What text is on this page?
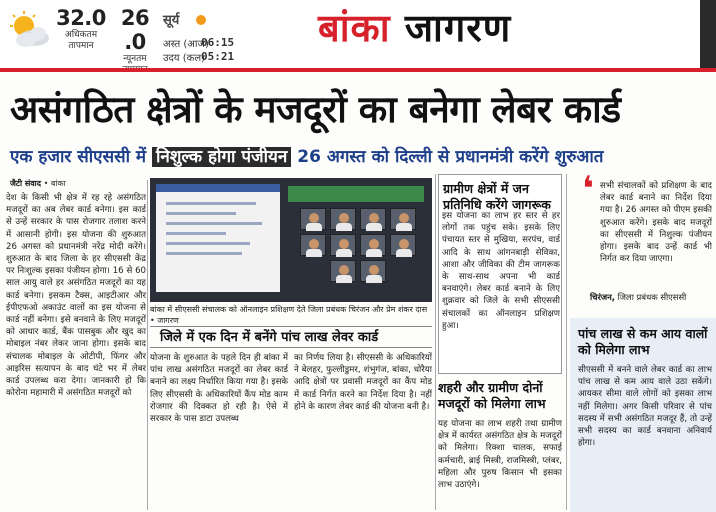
32.0
अधिकतम
तापमान
26 .0
न्यूनतम

सूर्य
अस्त (आज)
06:15
उदय (कल)
05:21
बांका जागरण
असंगठित क्षेत्रों के मजदूरों का बनेगा लेबर कार्ड
एक हजार सीएससी में निशुल्क होगा पंजीयन 26 अगस्त को दिल्ली से प्रधानमंत्री करेंगे शुरुआत
जैटी संवाद • बांका
देश के किसी भी क्षेत्र में रह रहे असंगठित मजदूरों का अब लेबर कार्ड बनेगा। इस कार्ड से उन्हें सरकार के पास रोजगार तलाश करने में आसानी होगी। इस योजना की शुरुआत 26 अगस्त को प्रधानमंत्री नरेंद्र मोदी करेंगे। शुरुआत के बाद जिला के हर सीएससी केंद्र पर निःशुल्क इसका पंजीयन होगा। 16 से 60 साल आयु वाले हर असंगठित मजदूरों का यह कार्ड बनेगा। इसकम टैक्स, आइटीआर और ईपीएफओ अकाउंट वालों का इस योजना से कार्ड नहीं बनेगा। इसे बनवाने के लिए मजदूरों को आधार कार्ड, बैंक पासबुक और खुद का मोबाइल नंबर लेकर जाना होगा। इसके बाद संचालक मोबाइल के ओटीपी, फिंगर और आइरिस सत्यापन के बाद घंटे भर में लेबर कार्ड उपलब्ध करा देगा। जानकारी हो कि कोरोना महामारी में असंगठित मजदूरों को
बांका में सीएससी संचालक को ऑनलाइन प्रशिक्षण देते जिला प्रबंधक चिरंजन और प्रेम शंकर दास • जागरण
जिले में एक दिन में बनेंगे पांच लाख लेवर कार्ड
योजना के शुरुआत के पहले दिन ही बांका में पांच लाख असंगठित मजदूरों का लेबर कार्ड बनाने का लक्ष्य निर्धारित किया गया है। इसके लिए सीएससी के अधिकारियों कैंप मोड काम रोजगार की दिक्कत हो रही है। ऐसे में सरकार के पास डाटा उपलब्ध
का निर्णय लिया है। सीएससी के अधिकारियों ने बेलहर, फुल्लीडुमर, शंभुगंज, बांका, धोरैया आदि क्षेत्रों पर प्रवासी मजदूरों का कैंप मोड में कार्ड निर्गत करने का निर्देश दिया है। नहीं होने के कारण लेबर कार्ड की योजना बनी है।
ग्रामीण क्षेत्रों में जन प्रतिनिधि करेंगे जागरूक
इस योजना का लाभ हर स्तर से हर लोगों तक पहुंच सके। इसके लिए पंचायत स्तर से मुखिया, सरपंच, वार्ड आदि के साथ आंगनबाड़ी सेविका, आशा और जीविका की टीम जागरूक के साथ-साथ अपना भी कार्ड बनवाएंगे। लेबर कार्ड बनाने के लिए शुक्रवार को जिले के सभी सीएससी संचालकों का ऑनलाइन प्रशिक्षण हुआ।
शहरी और ग्रामीण दोनों मजदूरों को मिलेगा लाभ
यह योजना का लाभ शहरी तथा ग्रामीण क्षेत्र में कार्यरत असंगठित क्षेत्र के मजदूरों को मिलेगा। रिक्शा चालक, सफाई कर्मचारी, ब्राई मिस्त्री, राजमिस्त्री, प्लंबर, महिला और पुरुष किसान भी इसका लाभ उठाएंगे।
❛ सभी संचालकों को प्रशिक्षण के बाद लेबर कार्ड बनाने का निर्देश दिया गया है। 26 अगस्त को पीएम इसकी शुरुआत करेंगे। इसके बाद मजदूरों का सीएससी में निशुल्क पंजीयन होगा। इसके बाद उन्हें कार्ड भी निर्गत कर दिया जाएगा।
चिरंजन, जिला प्रबंधक सीएससी
पांच लाख से कम आय वालों को मिलेगा लाभ
सीएससी में बनने वाले लेबर कार्ड का लाभ पांच लाख से कम आय वाले उठा सकेंगे। आयकर सीमा वाले लोगों को इसका लाभ नहीं मिलेगा। अगर किसी परिवार से पांच सदस्य में सभी असंगठित मजदूर हैं, तो उन्हें सभी सदस्य का कार्ड बनवाना अनिवार्य होगा।
